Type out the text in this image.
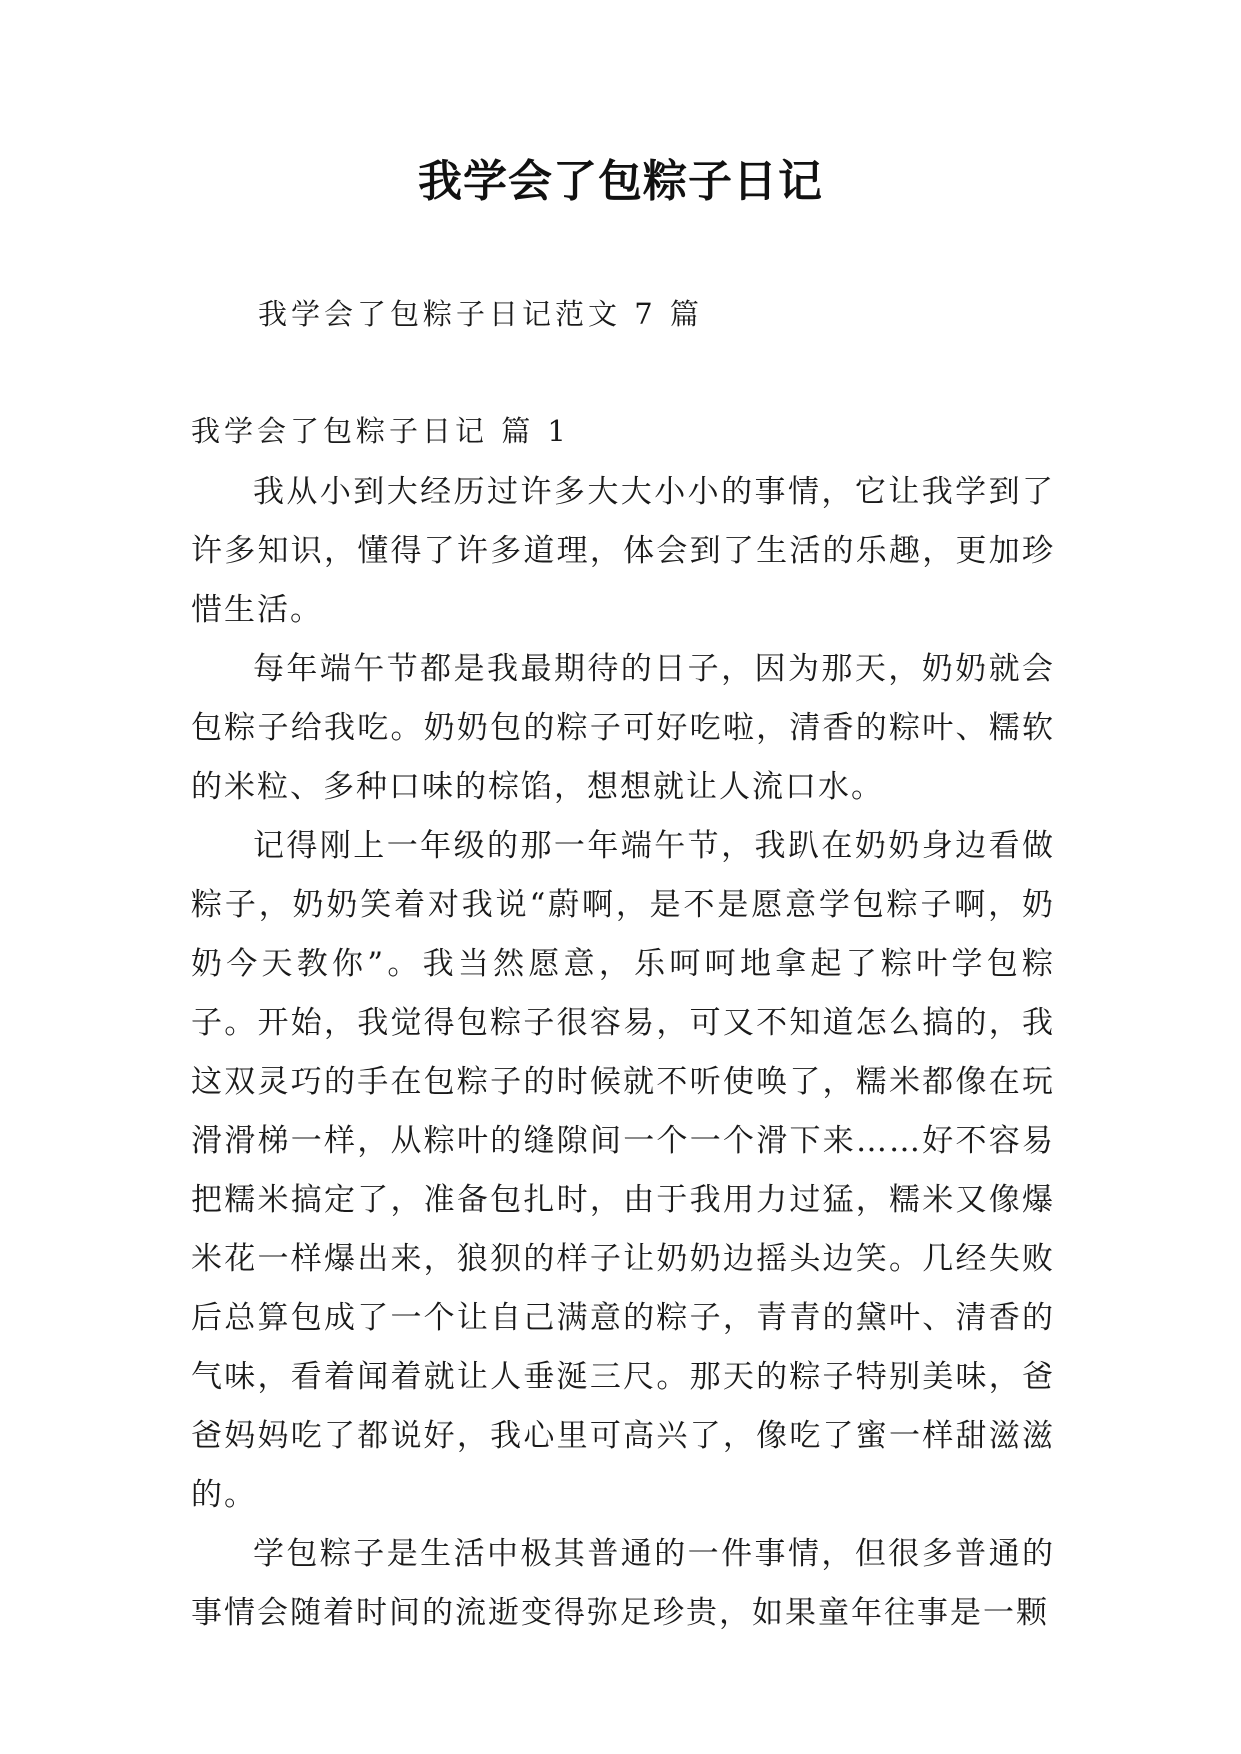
我学会了包粽子日记
我学会了包粽子日记范文 7 篇
我学会了包粽子日记 篇 1

我从小到大经历过许多大大小小的事情，它让我学到了许多知识，懂得了许多道理，体会到了生活的乐趣，更加珍惜生活。

每年端午节都是我最期待的日子，因为那天，奶奶就会包粽子给我吃。奶奶包的粽子可好吃啦，清香的粽叶、糯软的米粒、多种口味的棕馅，想想就让人流口水。

记得刚上一年级的那一年端午节，我趴在奶奶身边看做粽子，奶奶笑着对我说“蔚啊，是不是愿意学包粽子啊，奶奶今天教你”。我当然愿意，乐呵呵地拿起了粽叶学包粽子。开始，我觉得包粽子很容易，可又不知道怎么搞的，我这双灵巧的手在包粽子的时候就不听使唤了，糯米都像在玩滑滑梯一样，从粽叶的缝隙间一个一个滑下来……好不容易把糯米搞定了，准备包扎时，由于我用力过猛，糯米又像爆米花一样爆出来，狼狈的样子让奶奶边摇头边笑。几经失败后总算包成了一个让自己满意的粽子，青青的黛叶、清香的气味，看着闻着就让人垂涎三尺。那天的粽子特别美味，爸爸妈妈吃了都说好，我心里可高兴了，像吃了蜜一样甜滋滋的。

学包粽子是生活中极其普通的一件事情，但很多普通的事情会随着时间的流逝变得弥足珍贵，如果童年往事是一颗
